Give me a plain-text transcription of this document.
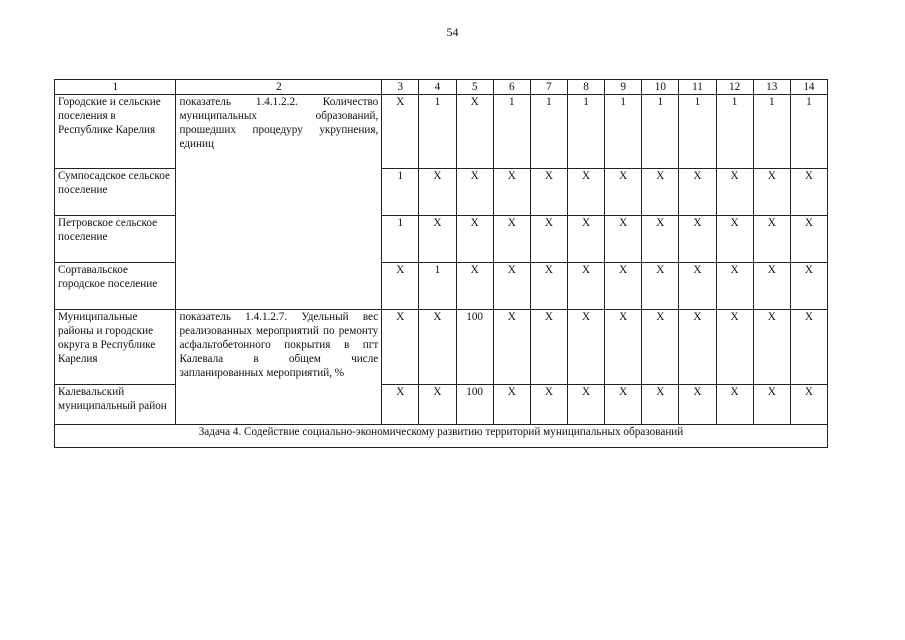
54
1	2	3	4	5	6	7	8	9	10	11	12	13	14
Городские и сельские поселения в Республике Карелия	показатель 1.4.1.2.2. Количество муниципальных образований, прошедших процедуру укрупнения, единиц	X	1	X	1	1	1	1	1	1	1	1	1
Сумпосадское сельское поселение		1	X	X	X	X	X	X	X	X	X	X	X
Петровское сельское поселение		1	X	X	X	X	X	X	X	X	X	X	X
Сортавальское городское поселение		X	1	X	X	X	X	X	X	X	X	X	X
Муниципальные районы и городские округа в Республике Карелия	показатель 1.4.1.2.7. Удельный вес реализованных мероприятий по ремонту асфальтобетонного покрытия в пгт Калевала в общем числе запланированных мероприятий, %	X	X	100	X	X	X	X	X	X	X	X	X
Калевальский муниципальный район		X	X	100	X	X	X	X	X	X	X	X	X
Задача 4. Содействие социально-экономическому развитию территорий муниципальных образований													
